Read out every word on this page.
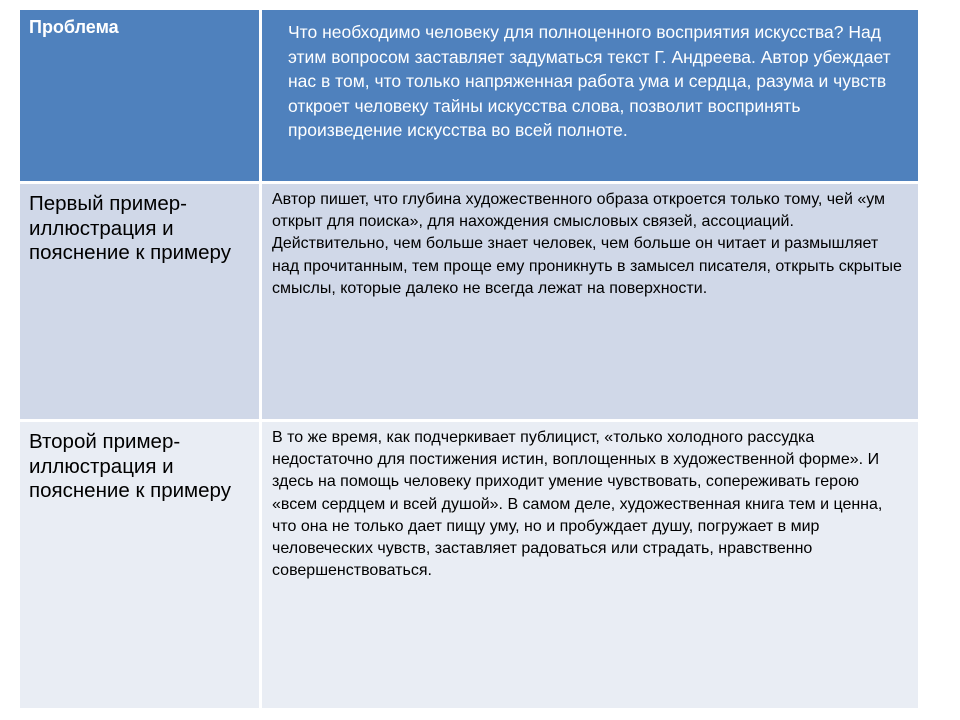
Проблема	Что необходимо человеку для полноценного восприятия искусства? Над этим вопросом заставляет задуматься текст Г. Андреева. Автор убеждает нас в том, что только напряженная работа ума и сердца, разума и чувств откроет человеку тайны искусства слова, позволит воспринять произведение искусства во всей полноте.
Первый пример-иллюстрация и пояснение к примеру
Автор пишет, что глубина художественного образа откроется только тому, чей «ум открыт для поиска», для нахождения смысловых связей, ассоциаций. Действительно, чем больше знает человек, чем больше он читает и размышляет над прочитанным, тем проще ему проникнуть в замысел писателя, открыть скрытые смыслы, которые далеко не всегда лежат на поверхности.
Второй пример-иллюстрация и пояснение к примеру
В то же время, как подчеркивает публицист, «только холодного рассудка недостаточно для постижения истин, воплощенных в художественной форме». И здесь на помощь человеку приходит умение чувствовать, сопереживать герою «всем сердцем и всей душой». В самом деле, художественная книга тем и ценна, что она не только дает пищу уму, но и пробуждает душу, погружает в мир человеческих чувств, заставляет радоваться или страдать, нравственно совершенствоваться.
